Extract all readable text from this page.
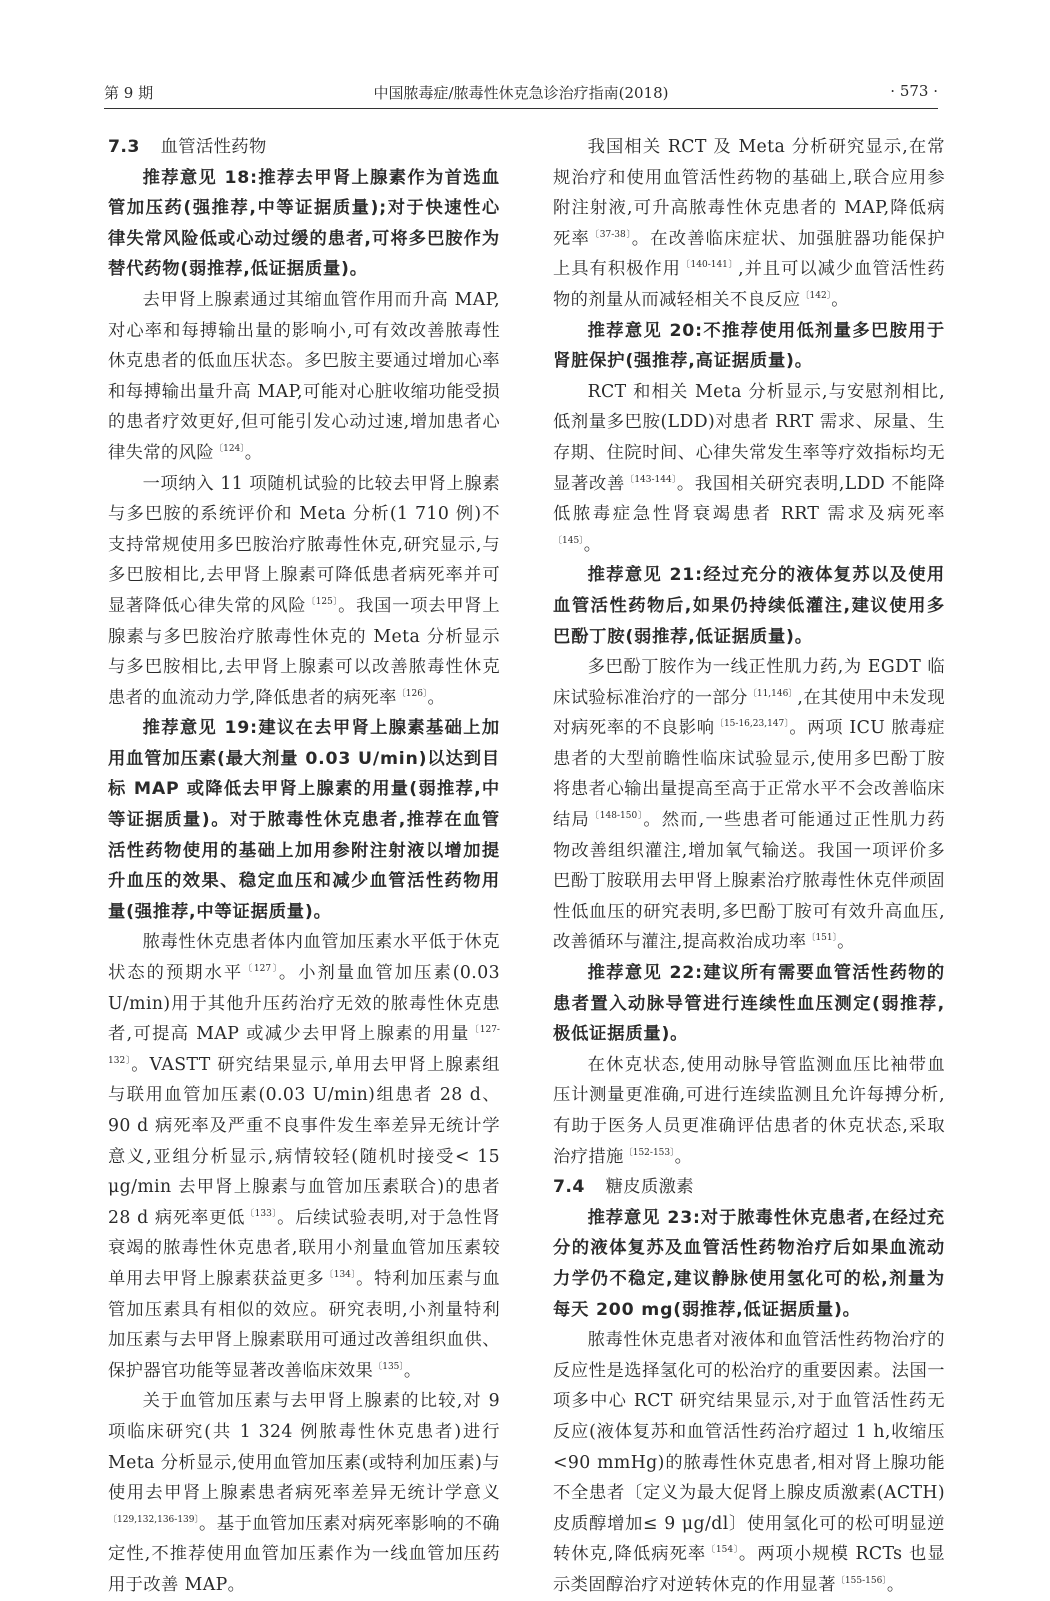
第 9 期	中国脓毒症/脓毒性休克急诊治疗指南(2018)	· 573 ·

7.3 血管活性药物

推荐意见 18:推荐去甲肾上腺素作为首选血管加压药(强推荐,中等证据质量);对于快速性心律失常风险低或心动过缓的患者,可将多巴胺作为替代药物(弱推荐,低证据质量)。

去甲肾上腺素通过其缩血管作用而升高 MAP,对心率和每搏输出量的影响小,可有效改善脓毒性休克患者的低血压状态。多巴胺主要通过增加心率和每搏输出量升高 MAP,可能对心脏收缩功能受损的患者疗效更好,但可能引发心动过速,增加患者心律失常的风险$^{〔124〕}$。

一项纳入 11 项随机试验的比较去甲肾上腺素与多巴胺的系统评价和 Meta 分析(1 710 例)不支持常规使用多巴胺治疗脓毒性休克,研究显示,与多巴胺相比,去甲肾上腺素可降低患者病死率并可显著降低心律失常的风险$^{〔125〕}$。我国一项去甲肾上腺素与多巴胺治疗脓毒性休克的 Meta 分析显示与多巴胺相比,去甲肾上腺素可以改善脓毒性休克患者的血流动力学,降低患者的病死率$^{〔126〕}$。

推荐意见 19:建议在去甲肾上腺素基础上加用血管加压素(最大剂量 0.03 U/min)以达到目标 MAP 或降低去甲肾上腺素的用量(弱推荐,中等证据质量)。对于脓毒性休克患者,推荐在血管活性药物使用的基础上加用参附注射液以增加提升血压的效果、稳定血压和减少血管活性药物用量(强推荐,中等证据质量)。

脓毒性休克患者体内血管加压素水平低于休克状态的预期水平$^{〔127〕}$。小剂量血管加压素(0.03 U/min)用于其他升压药治疗无效的脓毒性休克患者,可提高 MAP 或减少去甲肾上腺素的用量$^{〔127-132〕}$。VASTT 研究结果显示,单用去甲肾上腺素组与联用血管加压素(0.03 U/min)组患者 28 d、90 d 病死率及严重不良事件发生率差异无统计学意义,亚组分析显示,病情较轻(随机时接受< 15 μg/min 去甲肾上腺素与血管加压素联合)的患者 28 d 病死率更低$^{〔133〕}$。后续试验表明,对于急性肾衰竭的脓毒性休克患者,联用小剂量血管加压素较单用去甲肾上腺素获益更多$^{〔134〕}$。特利加压素与血管加压素具有相似的效应。研究表明,小剂量特利加压素与去甲肾上腺素联用可通过改善组织血供、保护器官功能等显著改善临床效果$^{〔135〕}$。

关于血管加压素与去甲肾上腺素的比较,对 9 项临床研究(共 1 324 例脓毒性休克患者)进行 Meta 分析显示,使用血管加压素(或特利加压素)与使用去甲肾上腺素患者病死率差异无统计学意义$^{〔129,132,136-139〕}$。基于血管加压素对病死率影响的不确定性,不推荐使用血管加压素作为一线血管加压药用于改善 MAP。

我国相关 RCT 及 Meta 分析研究显示,在常规治疗和使用血管活性药物的基础上,联合应用参附注射液,可升高脓毒性休克患者的 MAP,降低病死率$^{〔37-38〕}$。在改善临床症状、加强脏器功能保护上具有积极作用$^{〔140-141〕}$,并且可以减少血管活性药物的剂量从而减轻相关不良反应$^{〔142〕}$。

推荐意见 20:不推荐使用低剂量多巴胺用于肾脏保护(强推荐,高证据质量)。

RCT 和相关 Meta 分析显示,与安慰剂相比,低剂量多巴胺(LDD)对患者 RRT 需求、尿量、生存期、住院时间、心律失常发生率等疗效指标均无显著改善$^{〔143-144〕}$。我国相关研究表明,LDD 不能降低脓毒症急性肾衰竭患者 RRT 需求及病死率$^{〔145〕}$。

推荐意见 21:经过充分的液体复苏以及使用血管活性药物后,如果仍持续低灌注,建议使用多巴酚丁胺(弱推荐,低证据质量)。

多巴酚丁胺作为一线正性肌力药,为 EGDT 临床试验标准治疗的一部分$^{〔11,146〕}$,在其使用中未发现对病死率的不良影响$^{〔15-16,23,147〕}$。两项 ICU 脓毒症患者的大型前瞻性临床试验显示,使用多巴酚丁胺将患者心输出量提高至高于正常水平不会改善临床结局$^{〔148-150〕}$。然而,一些患者可能通过正性肌力药物改善组织灌注,增加氧气输送。我国一项评价多巴酚丁胺联用去甲肾上腺素治疗脓毒性休克伴顽固性低血压的研究表明,多巴酚丁胺可有效升高血压,改善循环与灌注,提高救治成功率$^{〔151〕}$。

推荐意见 22:建议所有需要血管活性药物的患者置入动脉导管进行连续性血压测定(弱推荐,极低证据质量)。

在休克状态,使用动脉导管监测血压比袖带血压计测量更准确,可进行连续监测且允许每搏分析,有助于医务人员更准确评估患者的休克状态,采取治疗措施$^{〔152-153〕}$。

7.4 糖皮质激素

推荐意见 23:对于脓毒性休克患者,在经过充分的液体复苏及血管活性药物治疗后如果血流动力学仍不稳定,建议静脉使用氢化可的松,剂量为每天 200 mg(弱推荐,低证据质量)。

脓毒性休克患者对液体和血管活性药物治疗的反应性是选择氢化可的松治疗的重要因素。法国一项多中心 RCT 研究结果显示,对于血管活性药无反应(液体复苏和血管活性药治疗超过 1 h,收缩压<90 mmHg)的脓毒性休克患者,相对肾上腺功能不全患者〔定义为最大促肾上腺皮质激素(ACTH)皮质醇增加≤ 9 μg/dl〕使用氢化可的松可明显逆转休克,降低病死率$^{〔154〕}$。两项小规模 RCTs 也显示类固醇治疗对逆转休克的作用显著$^{〔155-156〕}$。
